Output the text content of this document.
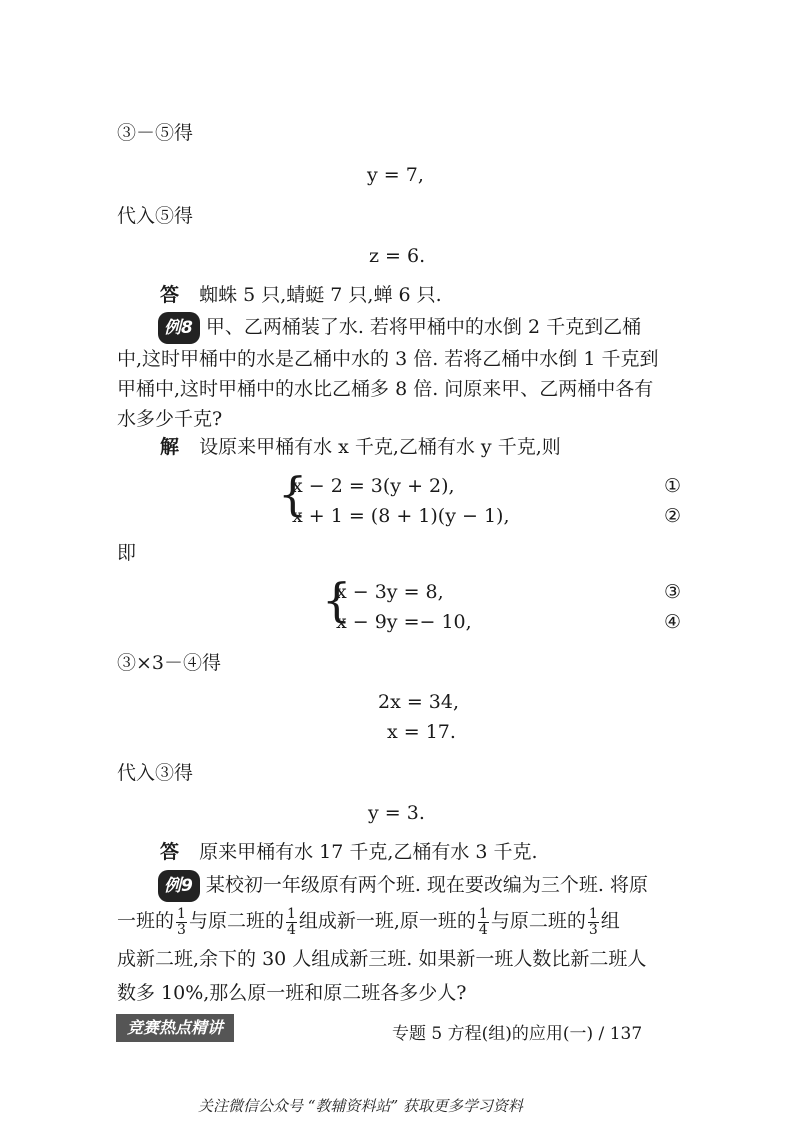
③－⑤得
y = 7,
代入⑤得
z = 6.
答 蜘蛛 5 只,蜻蜓 7 只,蝉 6 只.
例8 甲、乙两桶装了水. 若将甲桶中的水倒 2 千克到乙桶
中,这时甲桶中的水是乙桶中水的 3 倍. 若将乙桶中水倒 1 千克到
甲桶中,这时甲桶中的水比乙桶多 8 倍. 问原来甲、乙两桶中各有
水多少千克?
解 设原来甲桶有水 x 千克,乙桶有水 y 千克,则
{
x − 2 = 3(y + 2),
x + 1 = (8 + 1)(y − 1),
①
②
即
{
x − 3y = 8,
x − 9y =− 10,
③
④
③×3－④得
2x = 34,
x = 17.
代入③得
y = 3.
答 原来甲桶有水 17 千克,乙桶有水 3 千克.
例9 某校初一年级原有两个班. 现在要改编为三个班. 将原
一班的 $\frac{1}{3}$ 与原二班的 $\frac{1}{4}$ 组成新一班,原一班的 $\frac{1}{4}$ 与原二班的 $\frac{1}{3}$ 组
成新二班,余下的 30 人组成新三班. 如果新一班人数比新二班人
数多 10%,那么原一班和原二班各多少人?
竞赛热点精讲	专题 5 方程(组)的应用(一) / 137
关注微信公众号 “教辅资料站” 获取更多学习资料
